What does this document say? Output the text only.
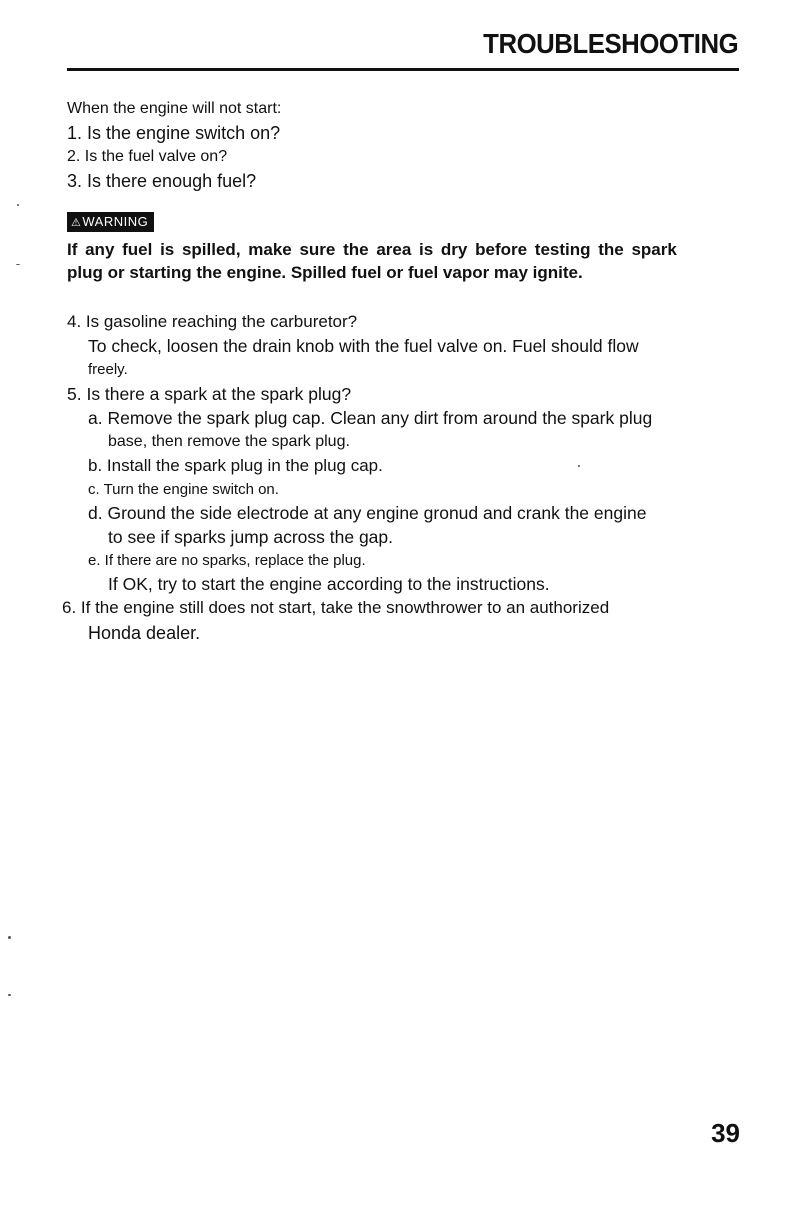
TROUBLESHOOTING
When the engine will not start:
1. Is the engine switch on?
2. Is the fuel valve on?
3. Is there enough fuel?
⚠WARNING
If any fuel is spilled, make sure the area is dry before testing the spark
plug or starting the engine. Spilled fuel or fuel vapor may ignite.
4. Is gasoline reaching the carburetor?
To check, loosen the drain knob with the fuel valve on. Fuel should flow
freely.
5. Is there a spark at the spark plug?
a. Remove the spark plug cap. Clean any dirt from around the spark plug
base, then remove the spark plug.
b. Install the spark plug in the plug cap.
c. Turn the engine switch on.
d. Ground the side electrode at any engine gronud and crank the engine
to see if sparks jump across the gap.
e. If there are no sparks, replace the plug.
If OK, try to start the engine according to the instructions.
6. If the engine still does not start, take the snowthrower to an authorized
Honda dealer.
39
